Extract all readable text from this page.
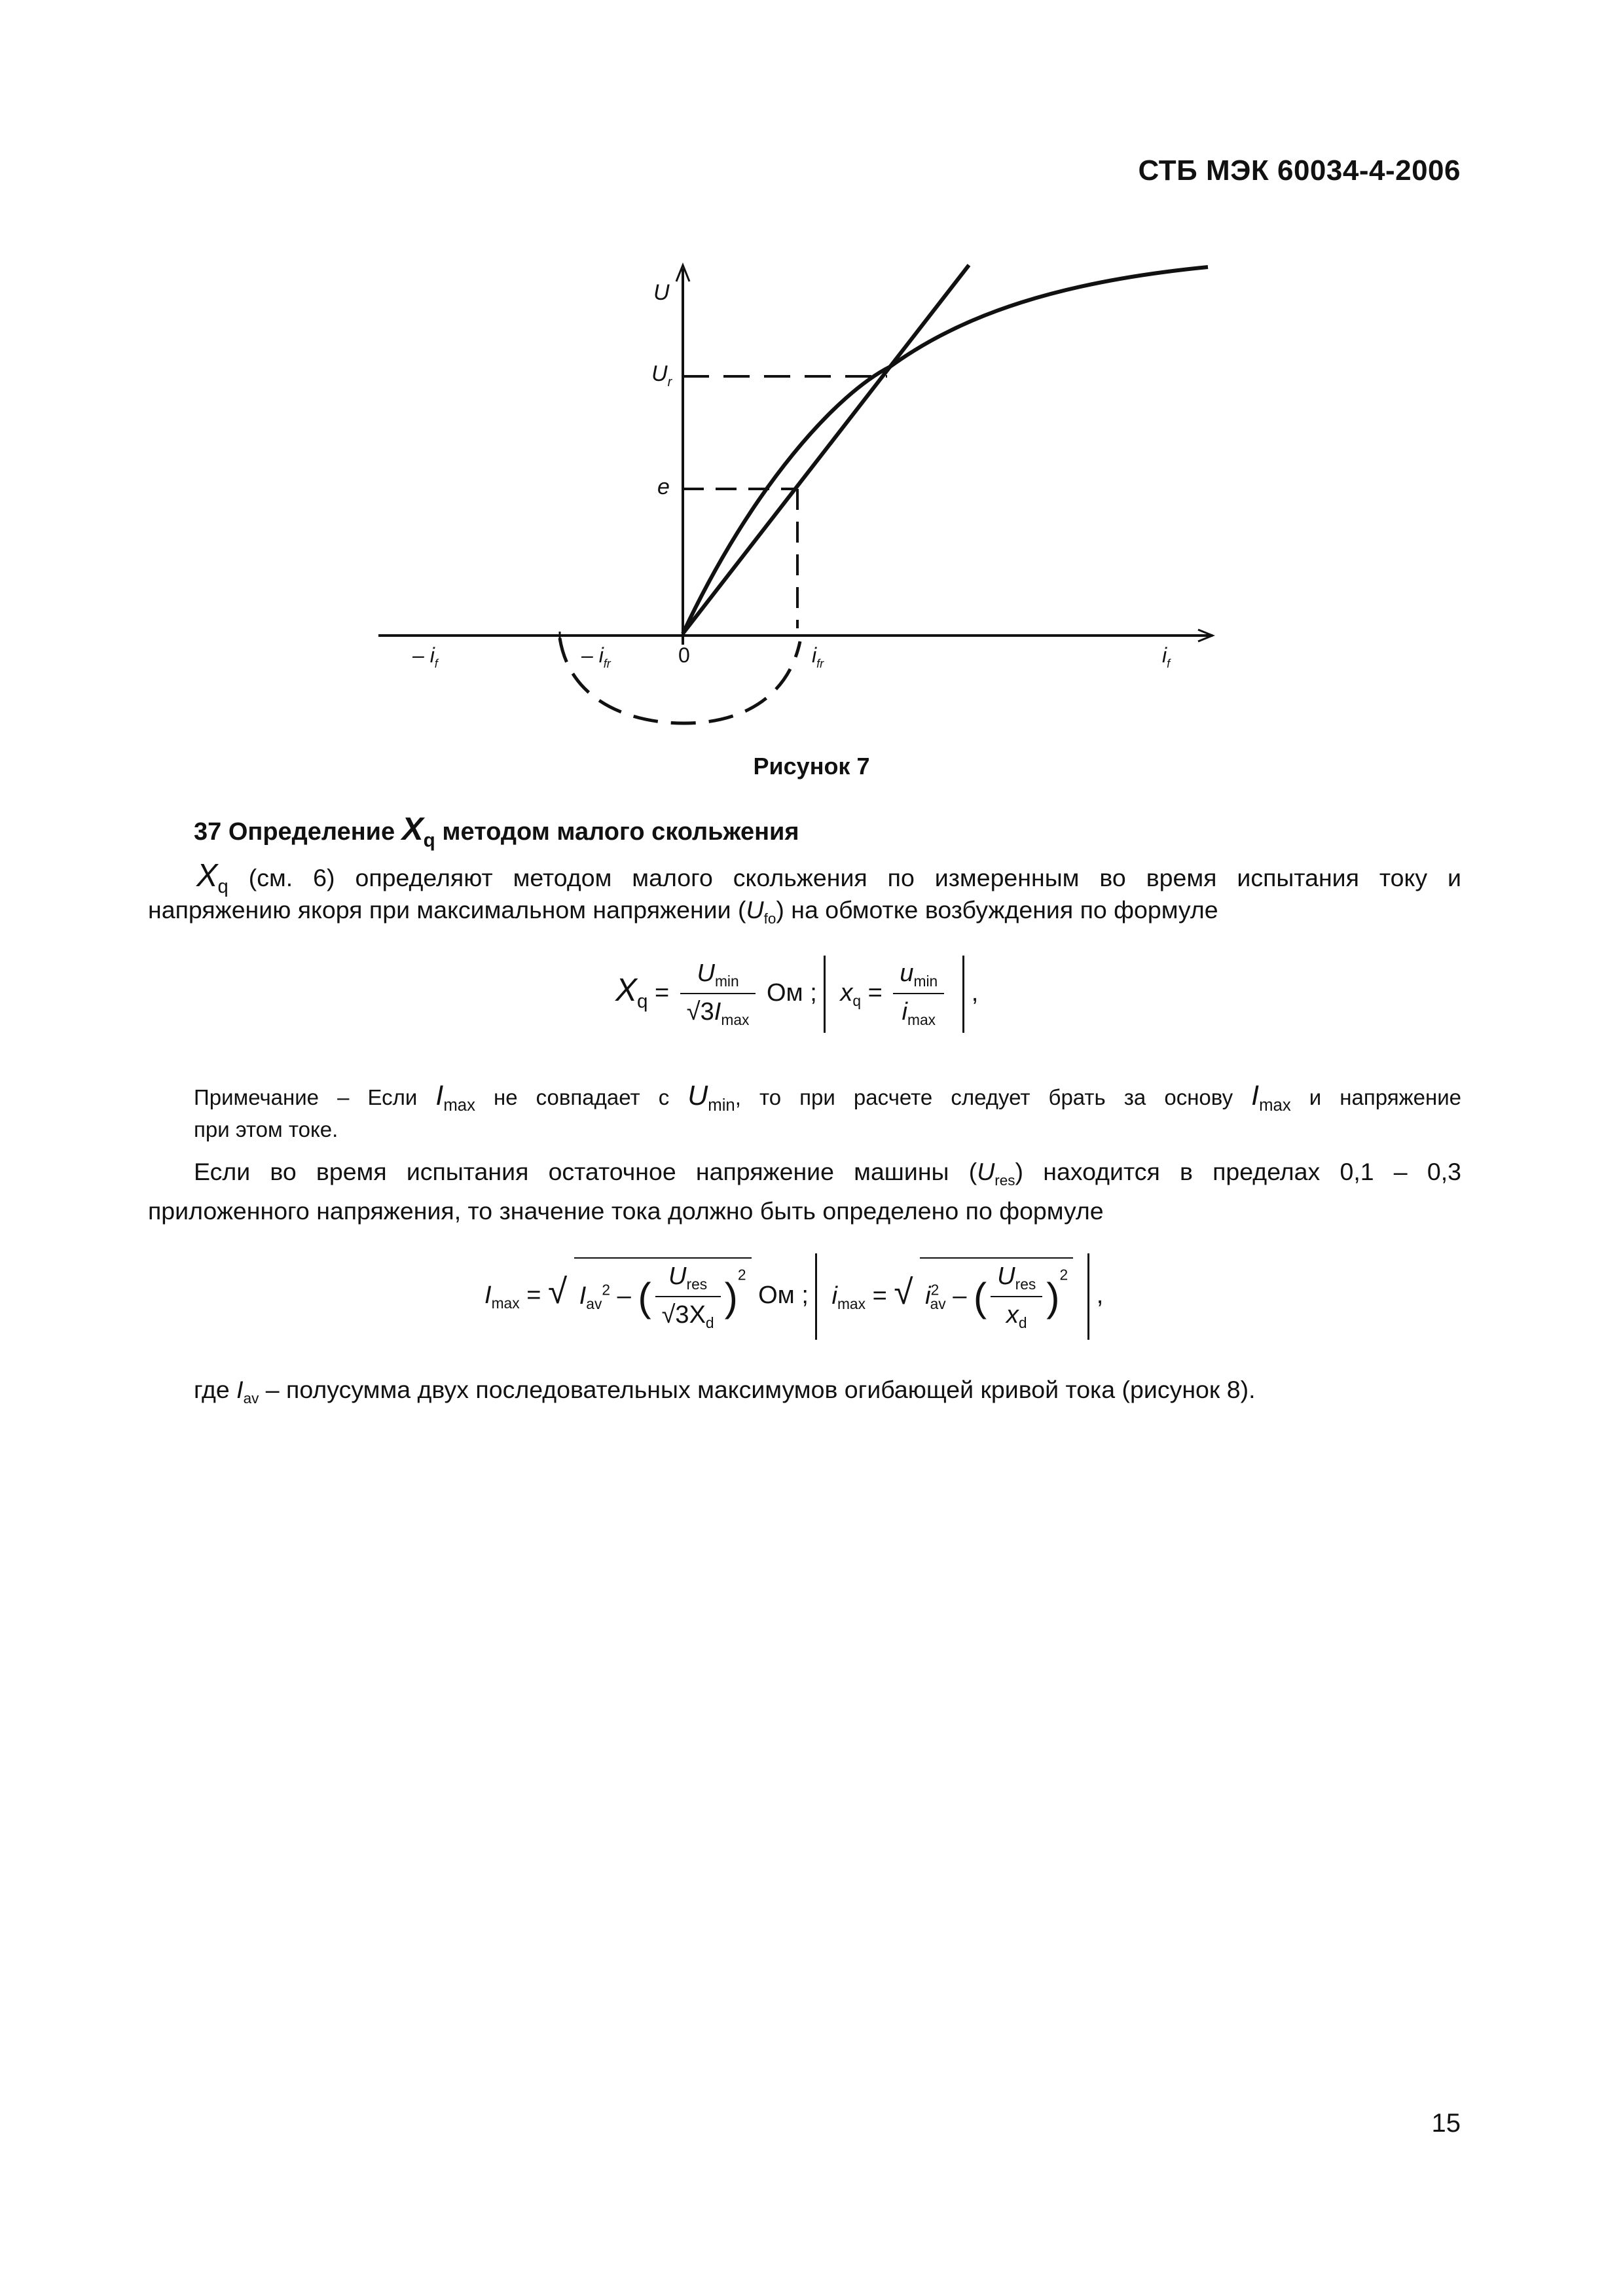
СТБ МЭК 60034-4-2006
U
$U_r$
e
0
– $i_f$	– $i_{fr}$	$i_{fr}$	$i_f$
Рисунок 7
37 Определение $X_q$ методом малого скольжения
$X_q$ (см. 6) определяют методом малого скольжения по измеренным во время испытания току и
напряжению якоря при максимальном напряжении $(U_{fo})$ на обмотке возбуждения по формуле
$X_q = \frac{U_{min}}{√3I_{max}}$ Ом ; $x_q = \frac{u_{min}}{i_{max}}$ ,
Примечание – Если $I_{max}$ не совпадает с $U_{min}$, то при расчете следует брать за основу $I_{max}$ и напряжение
при этом токе.
Если во время испытания остаточное напряжение машины $(U_{res})$ находится в пределах 0,1 – 0,3
приложенного напряжения, то значение тока должно быть определено по формуле
$I_{max}$ = √ $I_{av}^2$ – ( $\frac{U_{res}}{√3X_d} )^2$ Ом ; $i_{max}$ = √ $i^2_{av}$ – ( $\frac{U_{res}}{x_d} )^2$ ,
где $I_{av}$ – полусумма двух последовательных максимумов огибающей кривой тока (рисунок 8).
15
